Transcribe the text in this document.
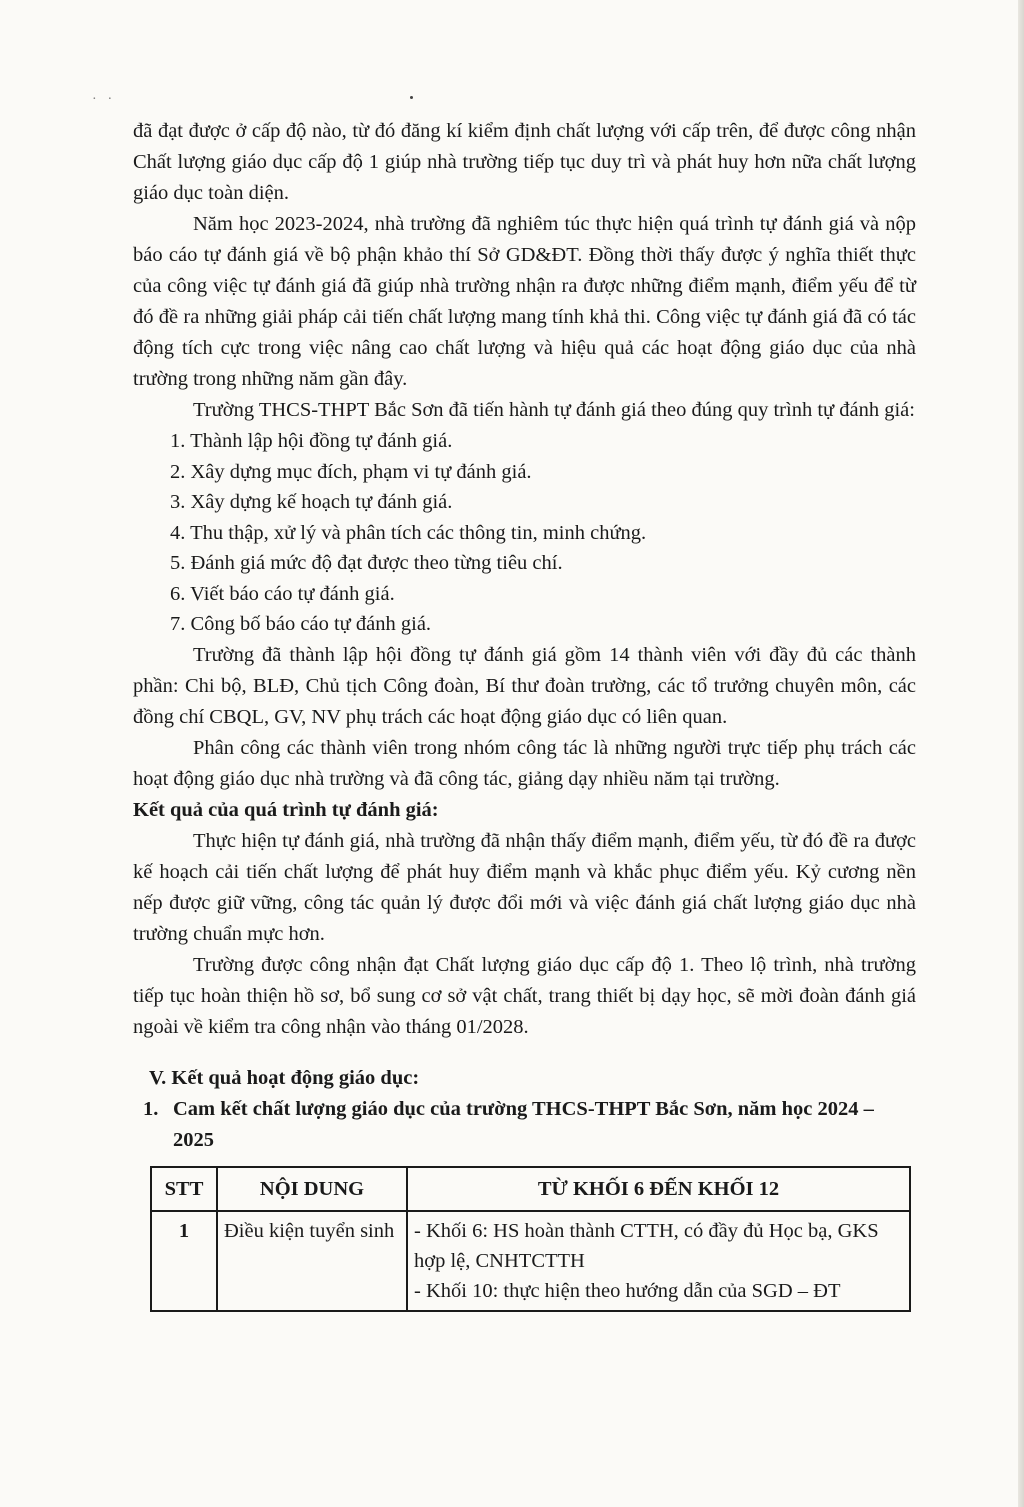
· ·

đã đạt được ở cấp độ nào, từ đó đăng kí kiểm định chất lượng với cấp trên, để được công nhận Chất lượng giáo dục cấp độ 1 giúp nhà trường tiếp tục duy trì và phát huy hơn nữa chất lượng giáo dục toàn diện.

Năm học 2023-2024, nhà trường đã nghiêm túc thực hiện quá trình tự đánh giá và nộp báo cáo tự đánh giá về bộ phận khảo thí Sở GD&ĐT. Đồng thời thấy được ý nghĩa thiết thực của công việc tự đánh giá đã giúp nhà trường nhận ra được những điểm mạnh, điểm yếu để từ đó đề ra những giải pháp cải tiến chất lượng mang tính khả thi. Công việc tự đánh giá đã có tác động tích cực trong việc nâng cao chất lượng và hiệu quả các hoạt động giáo dục của nhà trường trong những năm gần đây.

Trường THCS-THPT Bắc Sơn đã tiến hành tự đánh giá theo đúng quy trình tự đánh giá:

1. Thành lập hội đồng tự đánh giá.
2. Xây dựng mục đích, phạm vi tự đánh giá.
3. Xây dựng kế hoạch tự đánh giá.
4. Thu thập, xử lý và phân tích các thông tin, minh chứng.
5. Đánh giá mức độ đạt được theo từng tiêu chí.
6. Viết báo cáo tự đánh giá.
7. Công bố báo cáo tự đánh giá.

Trường đã thành lập hội đồng tự đánh giá gồm 14 thành viên với đầy đủ các thành phần: Chi bộ, BLĐ, Chủ tịch Công đoàn, Bí thư đoàn trường, các tổ trưởng chuyên môn, các đồng chí CBQL, GV, NV phụ trách các hoạt động giáo dục có liên quan.

Phân công các thành viên trong nhóm công tác là những người trực tiếp phụ trách các hoạt động giáo dục nhà trường và đã công tác, giảng dạy nhiều năm tại trường.

Kết quả của quá trình tự đánh giá:

Thực hiện tự đánh giá, nhà trường đã nhận thấy điểm mạnh, điểm yếu, từ đó đề ra được kế hoạch cải tiến chất lượng để phát huy điểm mạnh và khắc phục điểm yếu. Kỷ cương nền nếp được giữ vững, công tác quản lý được đổi mới và việc đánh giá chất lượng giáo dục nhà trường chuẩn mực hơn.

Trường được công nhận đạt Chất lượng giáo dục cấp độ 1. Theo lộ trình, nhà trường tiếp tục hoàn thiện hồ sơ, bổ sung cơ sở vật chất, trang thiết bị dạy học, sẽ mời đoàn đánh giá ngoài về kiểm tra công nhận vào tháng 01/2028.

V. Kết quả hoạt động giáo dục:
1. Cam kết chất lượng giáo dục của trường THCS-THPT Bắc Sơn, năm học 2024 – 2025
STT	NỘI DUNG	TỪ KHỐI 6 ĐẾN KHỐI 12
1	Điều kiện tuyển sinh	- Khối 6: HS hoàn thành CTTH, có đầy đủ Học bạ, GKS hợp lệ, CNHTCTTH
- Khối 10: thực hiện theo hướng dẫn của SGD – ĐT
